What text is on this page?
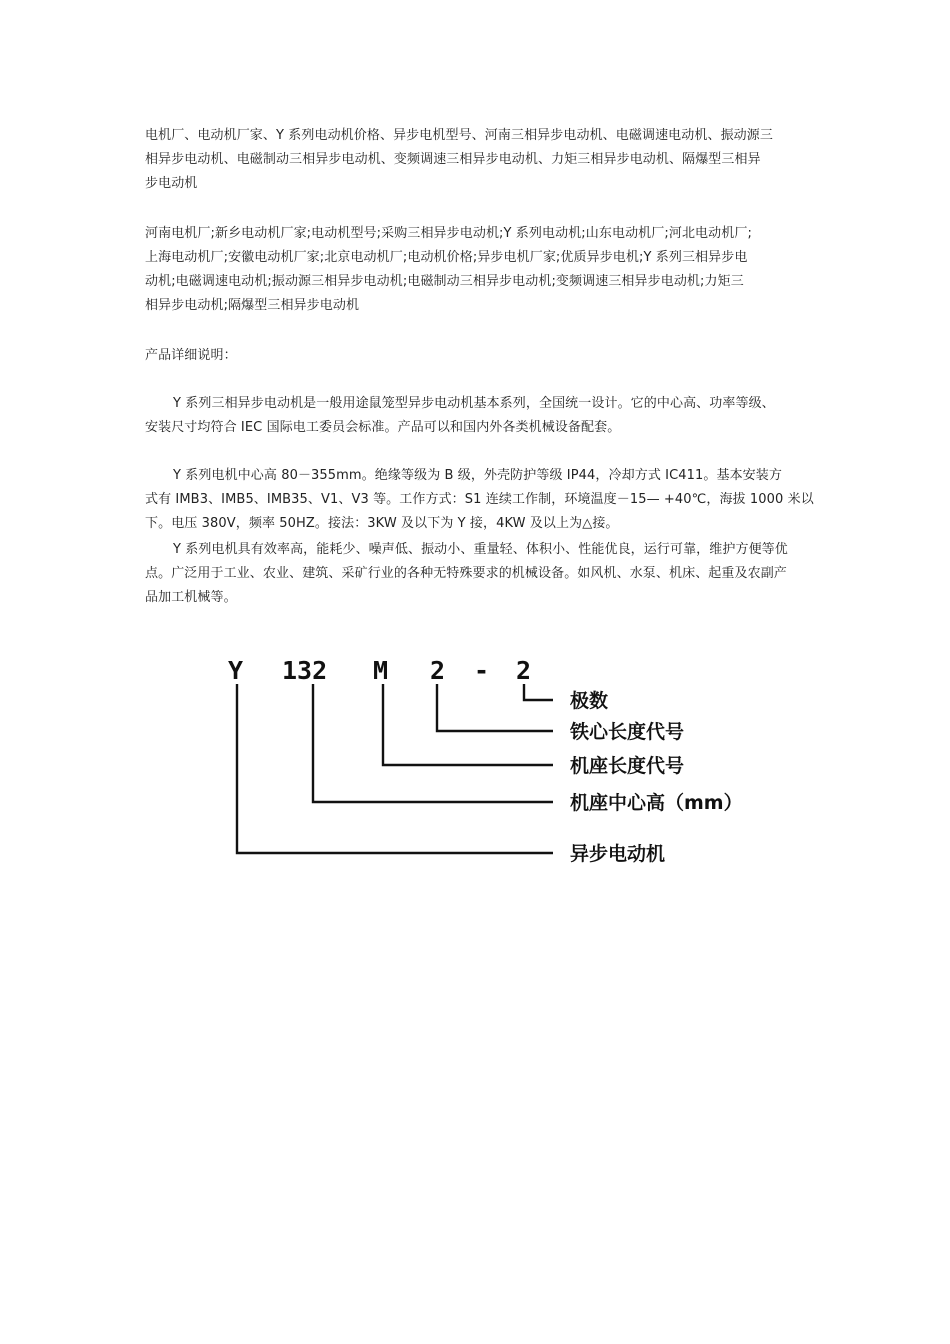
电机厂、电动机厂家、Y 系列电动机价格、异步电机型号、河南三相异步电动机、电磁调速电动机、振动源三
相异步电动机、电磁制动三相异步电动机、变频调速三相异步电动机、力矩三相异步电动机、隔爆型三相异
步电动机

河南电机厂;新乡电动机厂家;电动机型号;采购三相异步电动机;Y 系列电动机;山东电动机厂;河北电动机厂;
上海电动机厂;安徽电动机厂家;北京电动机厂;电动机价格;异步电机厂家;优质异步电机;Y 系列三相异步电
动机;电磁调速电动机;振动源三相异步电动机;电磁制动三相异步电动机;变频调速三相异步电动机;力矩三
相异步电动机;隔爆型三相异步电动机

产品详细说明：

Y 系列三相异步电动机是一般用途鼠笼型异步电动机基本系列，全国统一设计。它的中心高、功率等级、
安装尺寸均符合 IEC 国际电工委员会标准。产品可以和国内外各类机械设备配套。

Y 系列电机中心高 80－355mm。绝缘等级为 B 级，外壳防护等级 IP44，冷却方式 IC411。基本安装方
式有 IMB3、IMB5、IMB35、V1、V3 等。工作方式：S1 连续工作制，环境温度－15— +40℃，海拔 1000 米以
下。电压 380V，频率 50HZ。接法：3KW 及以下为 Y 接，4KW 及以上为△接。

Y 系列电机具有效率高，能耗少、噪声低、振动小、重量轻、体积小、性能优良，运行可靠，维护方便等优
点。广泛用于工业、农业、建筑、采矿行业的各种无特殊要求的机械设备。如风机、水泵、机床、起重及农副产
品加工机械等。

Y 132 M 2 - 2
极数
铁心长度代号
机座长度代号
机座中心高（mm）
异步电动机
